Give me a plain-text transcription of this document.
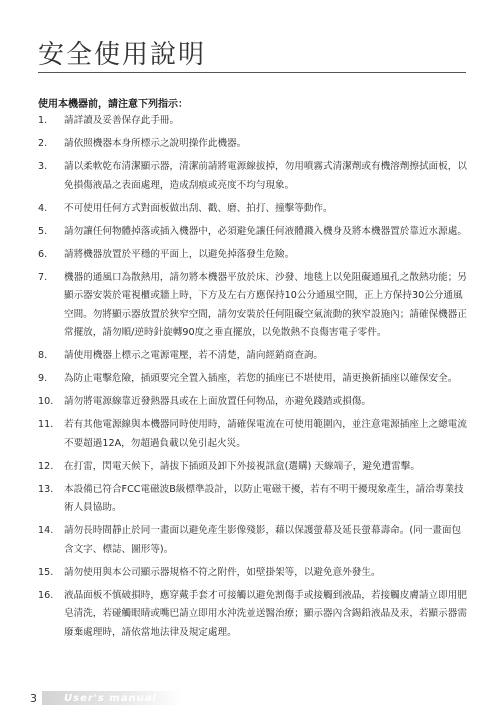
安全使用說明
使用本機器前，請注意下列指示：
1.	請詳讀及妥善保存此手冊。
2.	請依照機器本身所標示之說明操作此機器。
3.	請以柔軟乾布清潔顯示器，清潔前請將電源線拔掉，勿用噴霧式清潔劑或有機溶劑擦拭面板，以免損傷液晶之表面處理，造成刮痕或亮度不均勻現象。
4.	不可使用任何方式對面板做出刮、戳、磨、拍打、撞擊等動作。
5.	請勿讓任何物體掉落或插入機器中，必須避免讓任何液體濺入機身及將本機器置於靠近水源處。
6.	請將機器放置於平穩的平面上，以避免掉落發生危險。
7.	機器的通風口為散熱用，請勿將本機器平放於床、沙發、地毯上以免阻礙通風孔之散熱功能；另顯示器安裝於電視櫃或牆上時，下方及左右方應保持10公分通風空間，正上方保持30公分通風空間。勿將顯示器放置於狹窄空間，請勿安裝於任何阻礙空氣流動的狹窄設施內；請確保機器正常擺放，請勿順/逆時針旋轉90度之垂直擺放，以免散熱不良傷害電子零件。
8.	請使用機器上標示之電源電壓，若不清楚，請向經銷商查詢。
9.	為防止電擊危險，插頭要完全置入插座，若您的插座已不堪使用，請更換新插座以確保安全。
10.	請勿將電源線靠近發熱器具或在上面放置任何物品，亦避免踐踏或損傷。
11.	若有其他電源線與本機器同時使用時，請確保電流在可使用範圍內，並注意電源插座上之總電流不要超過12A，勿超過負載以免引起火災。
12.	在打雷，閃電天候下，請拔下插頭及卸下外接視訊盒(選購) 天線端子，避免遭雷擊。
13.	本設備已符合FCC電磁波B級標準設計，以防止電磁干擾，若有不明干擾現象產生，請洽專業技術人員協助。
14.	請勿長時間靜止於同一畫面以避免產生影像殘影，藉以保護螢幕及延長螢幕壽命。(同一畫面包含文字、標誌、圖形等)。
15.	請勿使用與本公司顯示器規格不符之附件，如壁掛架等，以避免意外發生。
16.	液晶面板不慎破損時，應穿戴手套才可接觸以避免割傷手或接觸到液晶，若接觸皮膚請立即用肥皂清洗，若碰觸眼睛或嘴巴請立即用水沖洗並送醫治療；顯示器內含錫鉛液晶及汞，若顯示器需廢棄處理時，請依當地法律及規定處理。
3	User's manual
